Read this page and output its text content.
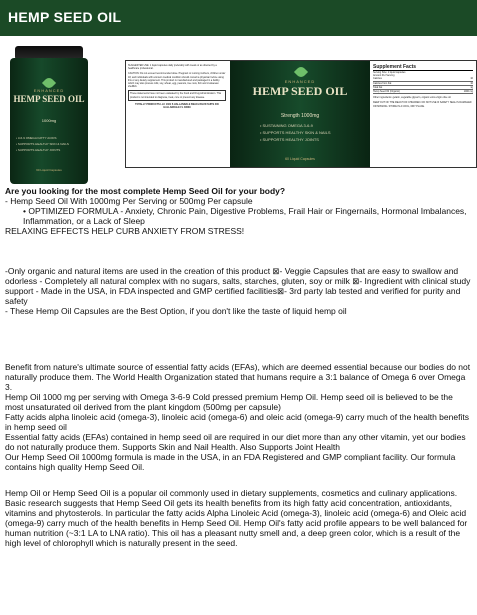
HEMP SEED OIL
ENHANCED
HEMP SEED OIL
1000mg
• 3-6-9 OMEGA FATTY ACIDS
• SUPPORTS HEALTHY SKIN & NAILS
• SUPPORTS HEALTHY JOINTS
60 Liquid Capsules

SUGGESTED USE: 1 liquid capsules daily preferably with meals or as directed by a healthcare professional.

CAUTION: Do not exceed recommended dose. Pregnant or nursing mothers, children under 18, and individuals with a known medical condition should consult a physician before using this or any dietary supplement. This product is manufactured and packaged in a facility which may also process milk, soy, wheat, egg, peanuts, tree nuts, fish and crustacean shellfish.

These statements have not been evaluated by the Food and Drug Administration. This product is not intended to diagnose, treat, cure or prevent any disease.
TOTALLY PRODUCTS LLC 1031 S HALLANDALE BEACH BLVD SUITE 400 HALLANDALE FL 33009
ENHANCED
HEMP SEED OIL
Strength 1000mg
• SUSTAINING OMEGA 3-6-9
• SUPPORTS HEALTHY SKIN & NAILS
• SUPPORTS HEALTHY JOINTS
60 Liquid Capsules
Supplement Facts
Serving Size: 1 liquid capsules
Amount Per Serving
Calories	10
Calories from Fat	10
Total Fat	1g
Hemp Seed Oil (Organic)	1000 mg
Other ingredients: gelatin, vegetable glycerin, organic extra virgin olive oil.
KEEP OUT OF THE REACH OF CHILDREN. DO NOT USE IF SAFETY SEAL IS DAMAGED OR MISSING. STORE IN A COOL, DRY PLACE.

Are you looking for the most complete Hemp Seed Oil for your body?

- Hemp Seed Oil With 1000mg Per Serving or 500mg Per capsule

• OPTIMIZED FORMULA - Anxiety, Chronic Pain, Digestive Problems, Frail Hair or Fingernails, Hormonal Imbalances, Inflammation, or a Lack of Sleep

RELAXING EFFECTS HELP CURB ANXIETY FROM STRESS!

-Only organic and natural items are used in the creation of this product ⊠- Veggie Capsules that are easy to swallow and odorless - Completely all natural complex with no sugars, salts, starches, gluten, soy or milk ⊠- Ingredient with clinical study support - Made in the USA, in FDA inspected and GMP certified facilities⊠- 3rd party lab tested and verified for purity and safety

- These Hemp Oil Capsules are the Best Option, if you don't like the taste of liquid hemp oil

Benefit from nature's ultimate source of essential fatty acids (EFAs), which are deemed essential because our bodies do not naturally produce them. The World Health Organization stated that humans require a 3:1 balance of Omega 6 over Omega 3.

Hemp Oil 1000 mg per serving with Omega 3-6-9 Cold pressed premium Hemp Oil. Hemp seed oil is believed to be the most unsaturated oil derived from the plant kingdom (500mg per capsule)

Fatty acids alpha linoleic acid (omega-3), linoleic acid (omega-6) and oleic acid (omega-9) carry much of the health benefits in hemp seed oil

Essential fatty acids (EFAs) contained in hemp seed oil are required in our diet more than any other vitamin, yet our bodies do not naturally produce them. Supports Skin and Nail Health. Also Supports Joint Health

Our Hemp Seed Oil 1000mg formula is made in the USA, in an FDA Registered and GMP compliant facility. Our formula contains high quality Hemp Seed Oil.

Hemp Oil or Hemp Seed Oil is a popular oil commonly used in dietary supplements, cosmetics and culinary applications. Basic research suggests that Hemp Seed Oil gets its health benefits from its high fatty acid concentration, antioxidants, vitamins and phytosterols. In particular the fatty acids Alpha Linoleic Acid (omega-3), linoleic acid (omega-6) and Oleic acid (omega-9) carry much of the health benefits in Hemp Seed Oil. Hemp Oil's fatty acid profile appears to be well balanced for human nutrition (~3:1 LA to LNA ratio). This oil has a pleasant nutty smell and, a deep green color, which is a result of the high level of chlorophyll which is naturally present in the seed.
